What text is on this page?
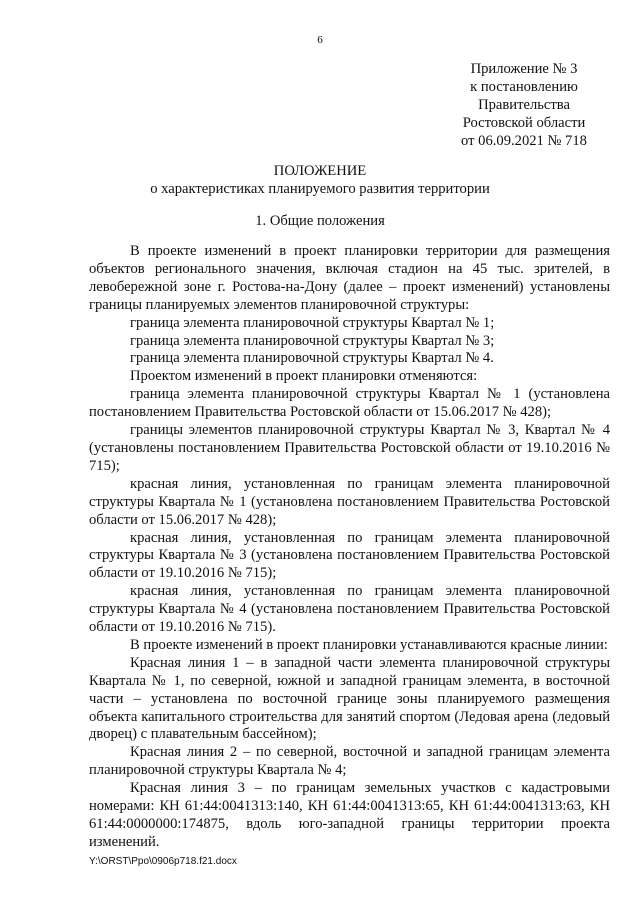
6
Приложение № 3
к постановлению
Правительства
Ростовской области
от 06.09.2021 № 718
ПОЛОЖЕНИЕ
о характеристиках планируемого развития территории
1. Общие положения

В проекте изменений в проект планировки территории для размещения объектов регионального значения, включая стадион на 45 тыс. зрителей, в левобережной зоне г. Ростова-на-Дону (далее – проект изменений) установлены границы планируемых элементов планировочной структуры:

граница элемента планировочной структуры Квартал № 1;

граница элемента планировочной структуры Квартал № 3;

граница элемента планировочной структуры Квартал № 4.

Проектом изменений в проект планировки отменяются:

граница элемента планировочной структуры Квартал № 1 (установлена постановлением Правительства Ростовской области от 15.06.2017 № 428);

границы элементов планировочной структуры Квартал № 3, Квартал № 4 (установлены постановлением Правительства Ростовской области от 19.10.2016 № 715);

красная линия, установленная по границам элемента планировочной структуры Квартала № 1 (установлена постановлением Правительства Ростовской области от 15.06.2017 № 428);

красная линия, установленная по границам элемента планировочной структуры Квартала № 3 (установлена постановлением Правительства Ростовской области от 19.10.2016 № 715);

красная линия, установленная по границам элемента планировочной структуры Квартала № 4 (установлена постановлением Правительства Ростовской области от 19.10.2016 № 715).

В проекте изменений в проект планировки устанавливаются красные линии:

Красная линия 1 – в западной части элемента планировочной структуры Квартала № 1, по северной, южной и западной границам элемента, в восточной части – установлена по восточной границе зоны планируемого размещения объекта капитального строительства для занятий спортом (Ледовая арена (ледовый дворец) с плавательным бассейном);

Красная линия 2 – по северной, восточной и западной границам элемента планировочной структуры Квартала № 4;

Красная линия 3 – по границам земельных участков с кадастровыми номерами: КН 61:44:0041313:140, КН 61:44:0041313:65, КН 61:44:0041313:63, КН 61:44:0000000:174875, вдоль юго-западной границы территории проекта изменений.

Y:\ORST\Ppo\0906p718.f21.docx
